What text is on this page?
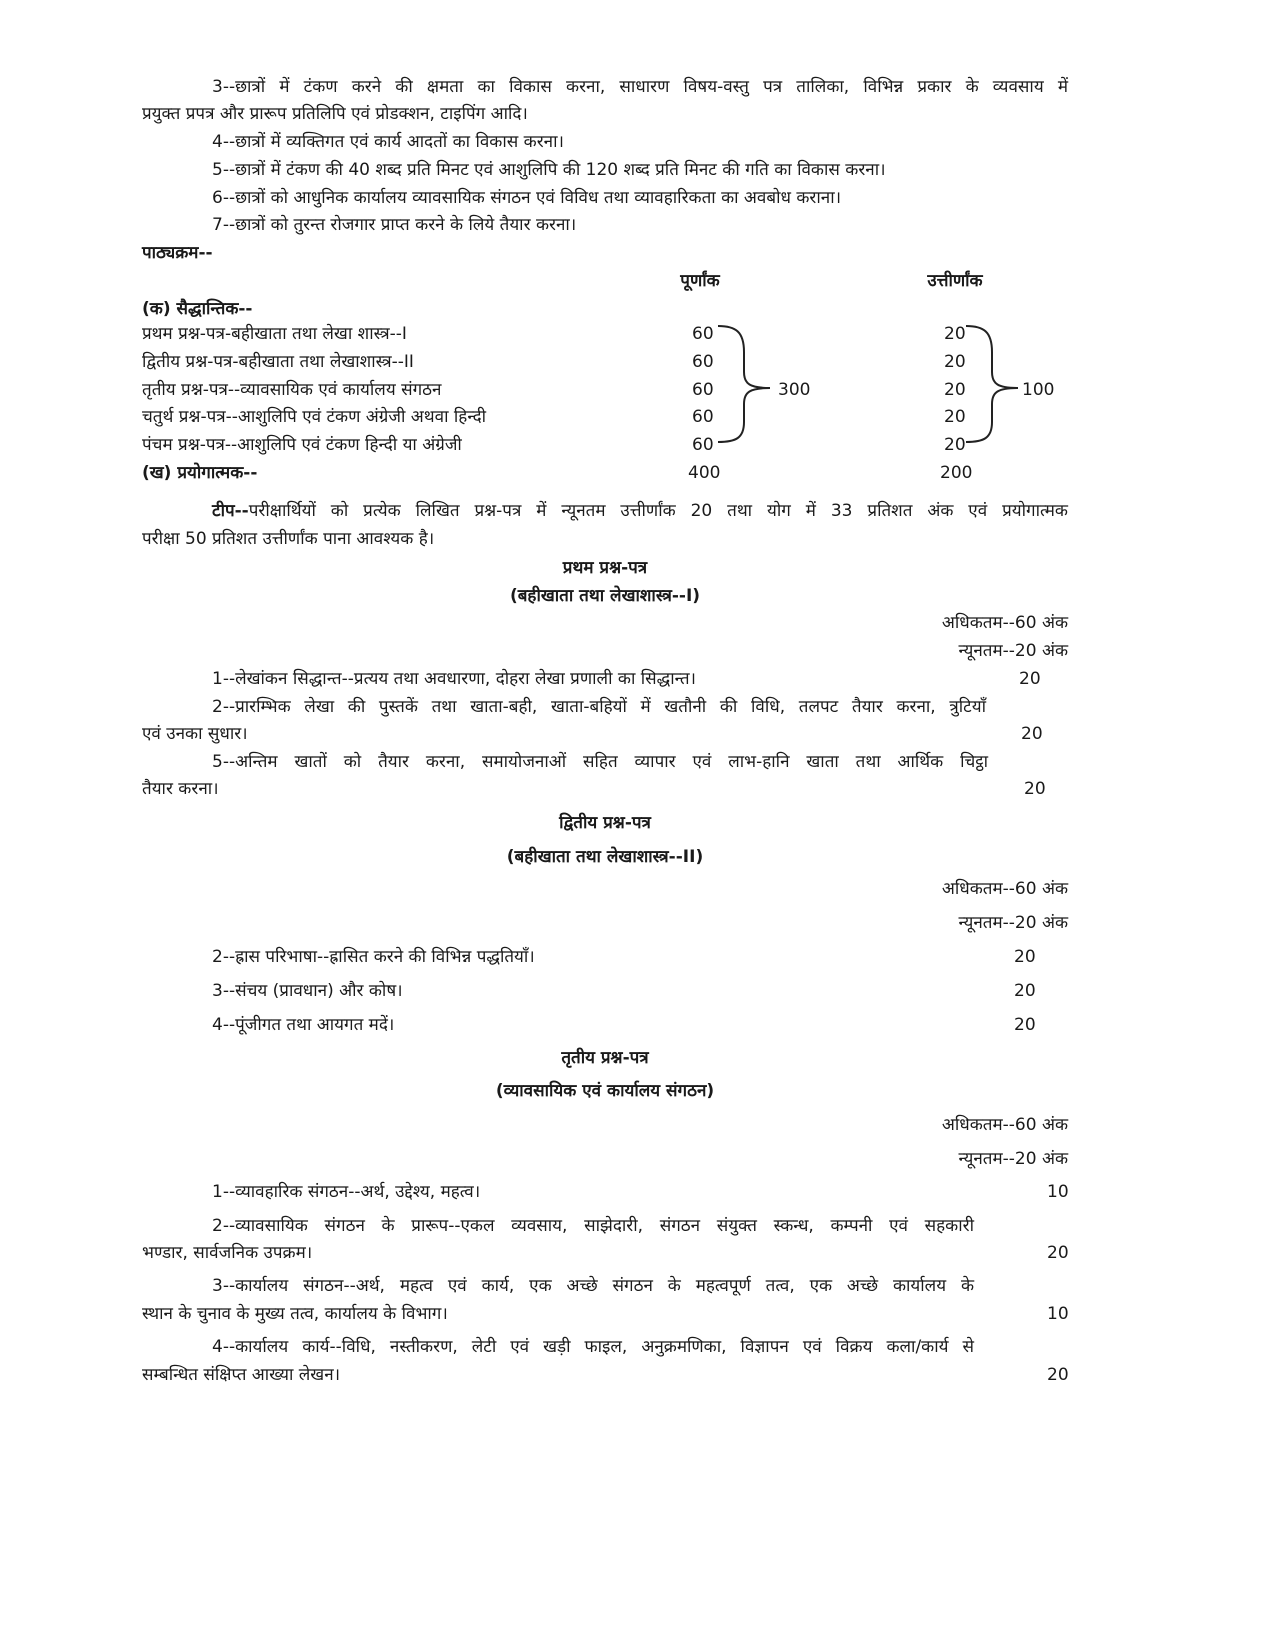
3--छात्रों में टंकण करने की क्षमता का विकास करना, साधारण विषय-वस्तु पत्र तालिका, विभिन्न प्रकार के व्यवसाय में
प्रयुक्त प्रपत्र और प्रारूप प्रतिलिपि एवं प्रोडक्शन, टाइपिंग आदि।
4--छात्रों में व्यक्तिगत एवं कार्य आदतों का विकास करना।
5--छात्रों में टंकण की 40 शब्द प्रति मिनट एवं आशुलिपि की 120 शब्द प्रति मिनट की गति का विकास करना।
6--छात्रों को आधुनिक कार्यालय व्यावसायिक संगठन एवं विविध तथा व्यावहारिकता का अवबोध कराना।
7--छात्रों को तुरन्त रोजगार प्राप्त करने के लिये तैयार करना।
पाठ्यक्रम--
पूर्णांक	उत्तीर्णांक
(क) सैद्धान्तिक--
प्रथम प्रश्न-पत्र-बहीखाता तथा लेखा शास्त्र--I	60	20
द्वितीय प्रश्न-पत्र-बहीखाता तथा लेखाशास्त्र--II	60	20
तृतीय प्रश्न-पत्र--व्यावसायिक एवं कार्यालय संगठन	60	20
चतुर्थ प्रश्न-पत्र--आशुलिपि एवं टंकण अंग्रेजी अथवा हिन्दी	60	20
पंचम प्रश्न-पत्र--आशुलिपि एवं टंकण हिन्दी या अंग्रेजी	60	20
300	100
(ख) प्रयोगात्मक--	400	200
टीप--परीक्षार्थियों को प्रत्येक लिखित प्रश्न-पत्र में न्यूनतम उत्तीर्णांक 20 तथा योग में 33 प्रतिशत अंक एवं प्रयोगात्मक
परीक्षा 50 प्रतिशत उत्तीर्णांक पाना आवश्यक है।
प्रथम प्रश्न-पत्र
(बहीखाता तथा लेखाशास्त्र--I)
अधिकतम--60 अंक
न्यूनतम--20 अंक
1--लेखांकन सिद्धान्त--प्रत्यय तथा अवधारणा, दोहरा लेखा प्रणाली का सिद्धान्त।	20
2--प्रारम्भिक लेखा की पुस्तकें तथा खाता-बही, खाता-बहियों में खतौनी की विधि, तलपट तैयार करना, त्रुटियाँ
एवं उनका सुधार।	20
5--अन्तिम खातों को तैयार करना, समायोजनाओं सहित व्यापार एवं लाभ-हानि खाता तथा आर्थिक चिट्ठा
तैयार करना।	20
द्वितीय प्रश्न-पत्र
(बहीखाता तथा लेखाशास्त्र--II)
अधिकतम--60 अंक
न्यूनतम--20 अंक
2--ह्रास परिभाषा--ह्रासित करने की विभिन्न पद्धतियाँ।	20
3--संचय (प्रावधान) और कोष।	20
4--पूंजीगत तथा आयगत मदें।	20
तृतीय प्रश्न-पत्र
(व्यावसायिक एवं कार्यालय संगठन)
अधिकतम--60 अंक
न्यूनतम--20 अंक
1--व्यावहारिक संगठन--अर्थ, उद्देश्य, महत्व।	10
2--व्यावसायिक संगठन के प्रारूप--एकल व्यवसाय, साझेदारी, संगठन संयुक्त स्कन्ध, कम्पनी एवं सहकारी
भण्डार, सार्वजनिक उपक्रम।	20
3--कार्यालय संगठन--अर्थ, महत्व एवं कार्य, एक अच्छे संगठन के महत्वपूर्ण तत्व, एक अच्छे कार्यालय के
स्थान के चुनाव के मुख्य तत्व, कार्यालय के विभाग।	10
4--कार्यालय कार्य--विधि, नस्तीकरण, लेटी एवं खड़ी फाइल, अनुक्रमणिका, विज्ञापन एवं विक्रय कला/कार्य से
सम्बन्धित संक्षिप्त आख्या लेखन।	20
